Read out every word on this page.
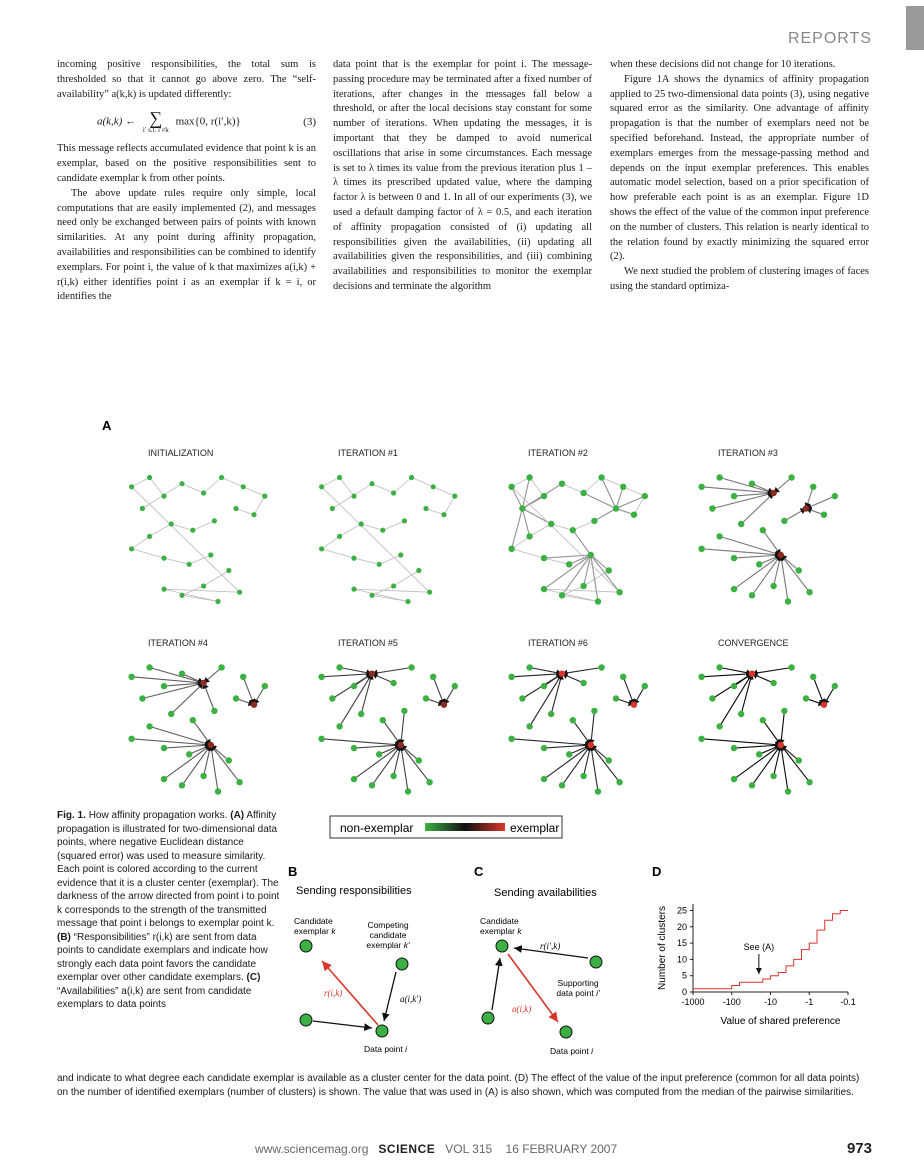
REPORTS

incoming positive responsibilities, the total sum is thresholded so that it cannot go above zero. The “self-availability” a(k,k) is updated differently:

a(k,k) ← ∑
i′ s.t. i′≠k
max{0, r(i′,k)}	(3)

This message reflects accumulated evidence that point k is an exemplar, based on the positive responsibilities sent to candidate exemplar k from other points.

The above update rules require only simple, local computations that are easily implemented (2), and messages need only be exchanged between pairs of points with known similarities. At any point during affinity propagation, availabilities and responsibilities can be combined to identify exemplars. For point i, the value of k that maximizes a(i,k) + r(i,k) either identifies point i as an exemplar if k = i, or identifies the

data point that is the exemplar for point i. The message-passing procedure may be terminated after a fixed number of iterations, after changes in the messages fall below a threshold, or after the local decisions stay constant for some number of iterations. When updating the messages, it is important that they be damped to avoid numerical oscillations that arise in some circumstances. Each message is set to λ times its value from the previous iteration plus 1 – λ times its prescribed updated value, where the damping factor λ is between 0 and 1. In all of our experiments (3), we used a default damping factor of λ = 0.5, and each iteration of affinity propagation consisted of (i) updating all responsibilities given the availabilities, (ii) updating all availabilities given the responsibilities, and (iii) combining availabilities and responsibilities to monitor the exemplar decisions and terminate the algorithm

when these decisions did not change for 10 iterations.

Figure 1A shows the dynamics of affinity propagation applied to 25 two-dimensional data points (3), using negative squared error as the similarity. One advantage of affinity propagation is that the number of exemplars need not be specified beforehand. Instead, the appropriate number of exemplars emerges from the message-passing method and depends on the input exemplar preferences. This enables automatic model selection, based on a prior specification of how preferable each point is as an exemplar. Figure 1D shows the effect of the value of the common input preference on the number of clusters. This relation is nearly identical to the relation found by exactly minimizing the squared error (2).

We next studied the problem of clustering images of faces using the standard optimiza-

A
INITIALIZATION	ITERATION #1	ITERATION #2	ITERATION #3
ITERATION #4	ITERATION #5	ITERATION #6	CONVERGENCE
Fig. 1. How affinity propagation works. (A) Affinity propagation is illustrated for two-dimensional data points, where negative Euclidean distance (squared error) was used to measure similarity. Each point is colored according to the current evidence that it is a cluster center (exemplar). The darkness of the arrow directed from point i to point k corresponds to the strength of the transmitted message that point i belongs to exemplar point k. (B) “Responsibilities” r(i,k) are sent from data points to candidate exemplars and indicate how strongly each data point favors the candidate exemplar over other candidate exemplars. (C) “Availabilities” a(i,k) are sent from candidate exemplars to data points
and indicate to what degree each candidate exemplar is available as a cluster center for the data point. (D) The effect of the value of the input preference (common for all data points) on the number of identified exemplars (number of clusters) is shown. The value that was used in (A) is also shown, which was computed from the median of the pairwise similarities.
non-exemplar	exemplar
B
Sending responsibilities
Candidate exemplar k
Competing candidate exemplar k′
r(i,k)
a(i,k′)
Data point i
C
Sending availabilities
Candidate exemplar k
r(i′,k)
Supporting data point i′
a(i,k)
Data point i
D
0
5
10
15
20
25
-1000 -100	-10	-1	-0.1
Number of clusters
Value of shared preference
See (A)
www.sciencemag.org SCIENCE VOL 315 16 FEBRUARY 2007	973
